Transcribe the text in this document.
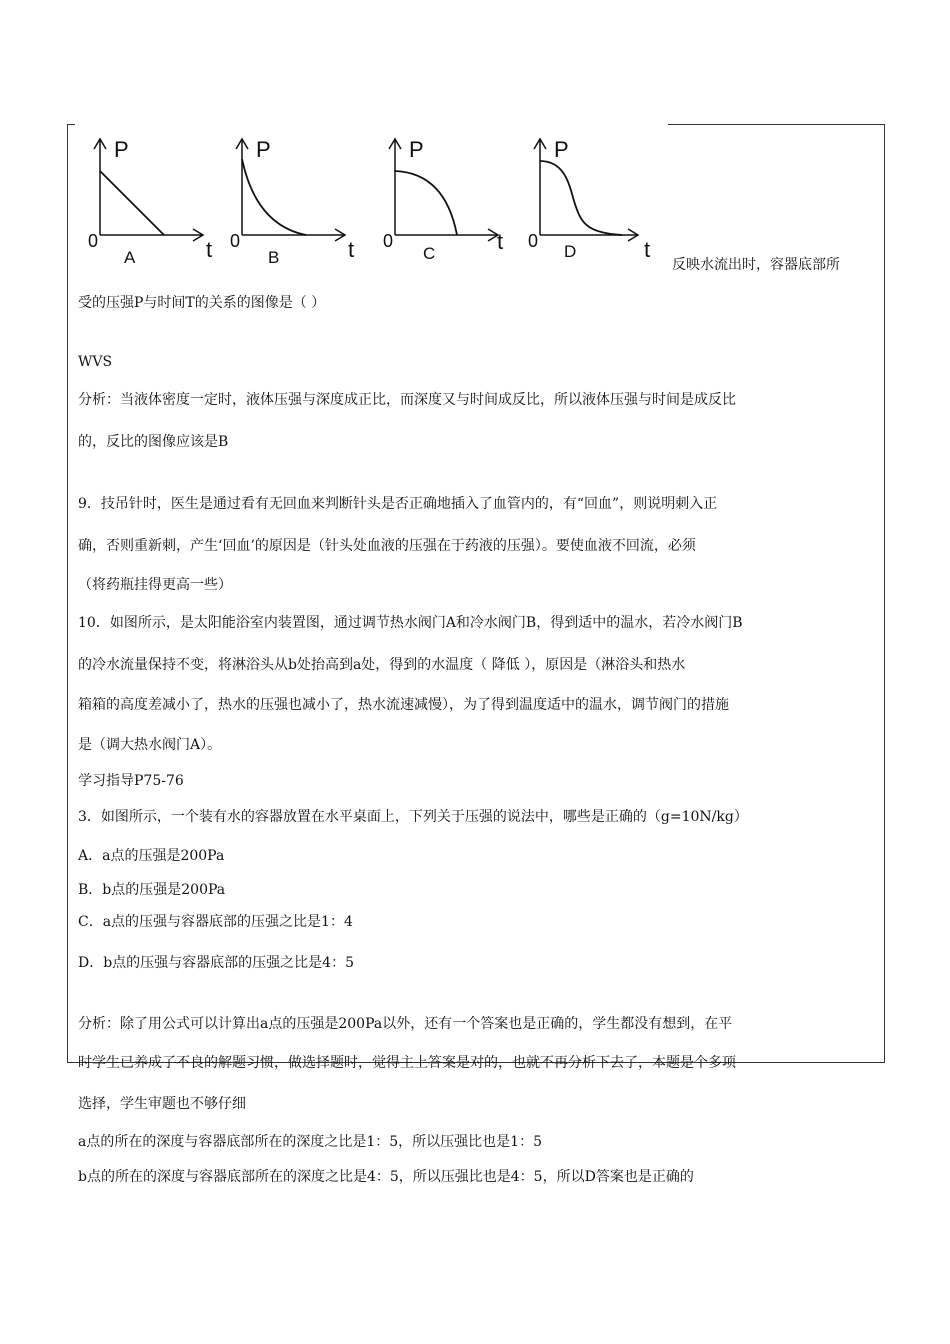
P
0	t
A
P
0	t
B
P
0	t
C
P
0	t
D
反映水流出时，容器底部所
受的压强P与时间T的关系的图像是（ ）
WVS
分析：当液体密度一定时，液体压强与深度成正比，而深度又与时间成反比，所以液体压强与时间是成反比
的，反比的图像应该是B
9．技吊针时，医生是通过看有无回血来判断针头是否正确地插入了血管内的，有“回血”，则说明刺入正
确，否则重新刺，产生‘回血’的原因是（针头处血液的压强在于药液的压强）。要使血液不回流，必须
（将药瓶挂得更高一些）
10．如图所示，是太阳能浴室内装置图，通过调节热水阀门A和冷水阀门B，得到适中的温水，若冷水阀门B
的冷水流量保持不变，将淋浴头从b处抬高到a处，得到的水温度（ 降低 ），原因是（淋浴头和热水
箱箱的高度差减小了，热水的压强也减小了，热水流速减慢），为了得到温度适中的温水，调节阀门的措施
是（调大热水阀门A）。
学习指导P75-76
3．如图所示，一个装有水的容器放置在水平桌面上，下列关于压强的说法中，哪些是正确的（g=10N/kg）
A．a点的压强是200Pa
B．b点的压强是200Pa
C．a点的压强与容器底部的压强之比是1：4
D．b点的压强与容器底部的压强之比是4：5
分析：除了用公式可以计算出a点的压强是200Pa以外，还有一个答案也是正确的，学生都没有想到，在平
时学生已养成了不良的解题习惯，做选择题时，觉得主上答案是对的，也就不再分析下去了，本题是个多项
选择，学生审题也不够仔细
a点的所在的深度与容器底部所在的深度之比是1：5，所以压强比也是1：5
b点的所在的深度与容器底部所在的深度之比是4：5，所以压强比也是4：5，所以D答案也是正确的
